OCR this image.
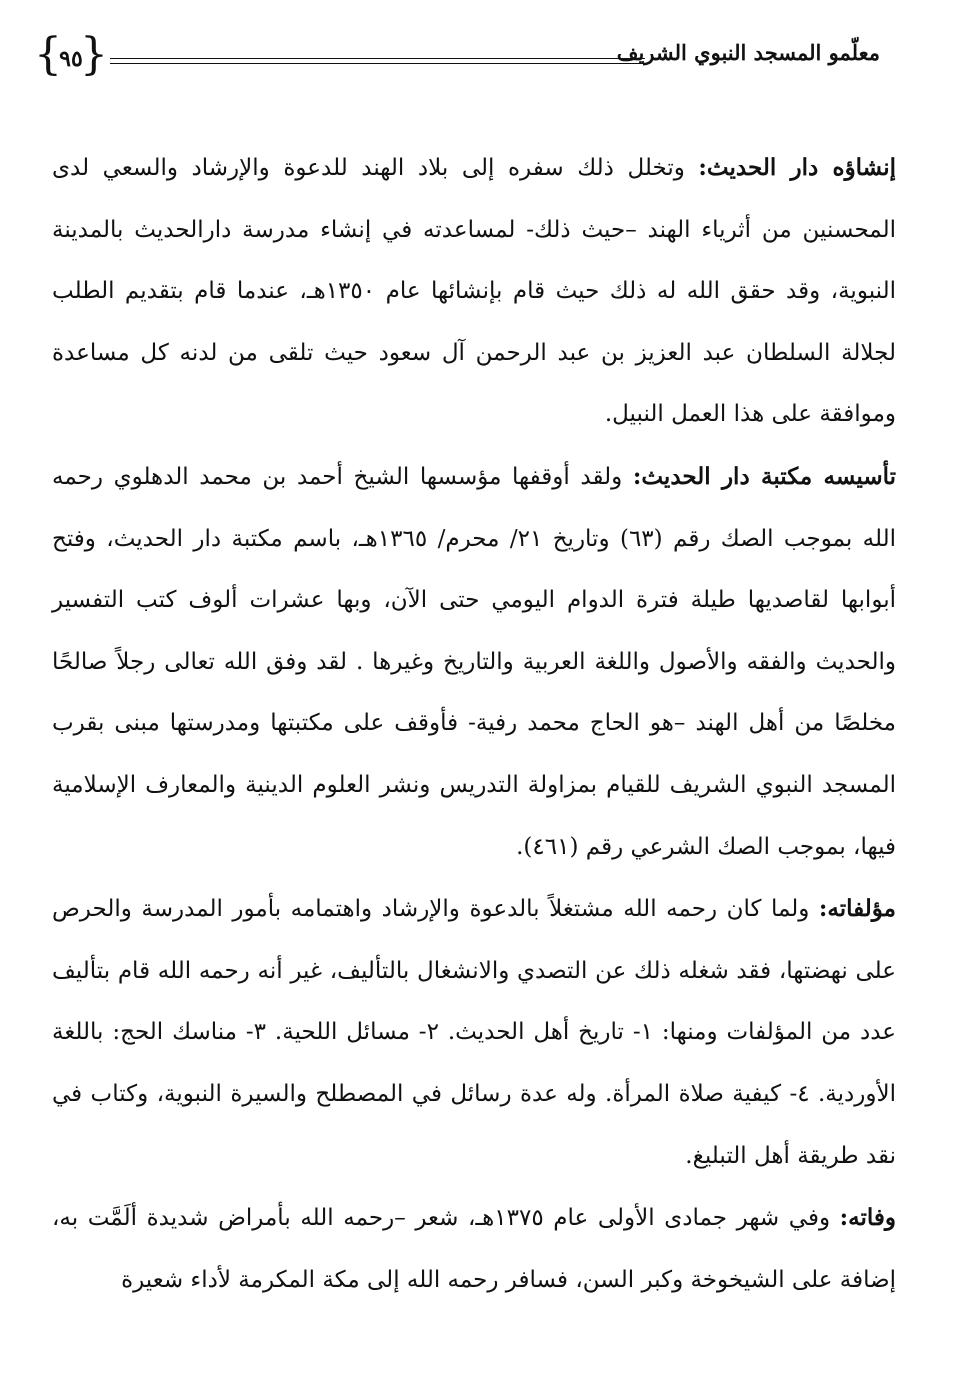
{
٩٥
}	معلّمو المسجد النبوي الشريف

إنشاؤه دار الحديث: وتخلل ذلك سفره إلى بلاد الهند للدعوة والإرشاد والسعي لدى المحسنين من أثرياء الهند –حيث ذلك- لمساعدته في إنشاء مدرسة دارالحديث بالمدينة النبوية، وقد حقق الله له ذلك حيث قام بإنشائها عام ١٣٥٠هـ، عندما قام بتقديم الطلب لجلالة السلطان عبد العزيز بن عبد الرحمن آل سعود حيث تلقى من لدنه كل مساعدة وموافقة على هذا العمل النبيل.

تأسيسه مكتبة دار الحديث: ولقد أوقفها مؤسسها الشيخ أحمد بن محمد الدهلوي رحمه الله بموجب الصك رقم (٦٣) وتاريخ ٢١/ محرم/ ١٣٦٥هـ، باسم مكتبة دار الحديث، وفتح أبوابها لقاصديها طيلة فترة الدوام اليومي حتى الآن، وبها عشرات ألوف كتب التفسير والحديث والفقه والأصول واللغة العربية والتاريخ وغيرها . لقد وفق الله تعالى رجلاً صالحًا مخلصًا من أهل الهند –هو الحاج محمد رفية- فأوقف على مكتبتها ومدرستها مبنى بقرب المسجد النبوي الشريف للقيام بمزاولة التدريس ونشر العلوم الدينية والمعارف الإسلامية فيها، بموجب الصك الشرعي رقم (٤٦١).

مؤلفاته: ولما كان رحمه الله مشتغلاً بالدعوة والإرشاد واهتمامه بأمور المدرسة والحرص على نهضتها، فقد شغله ذلك عن التصدي والانشغال بالتأليف، غير أنه رحمه الله قام بتأليف عدد من المؤلفات ومنها: ١- تاريخ أهل الحديث. ٢- مسائل اللحية. ٣- مناسك الحج: باللغة الأوردية. ٤- كيفية صلاة المرأة. وله عدة رسائل في المصطلح والسيرة النبوية، وكتاب في نقد طريقة أهل التبليغ.

وفاته: وفي شهر جمادى الأولى عام ١٣٧٥هـ، شعر –رحمه الله بأمراض شديدة ألَمَّت به، إضافة على الشيخوخة وكبر السن، فسافر رحمه الله إلى مكة المكرمة لأداء شعيرة
